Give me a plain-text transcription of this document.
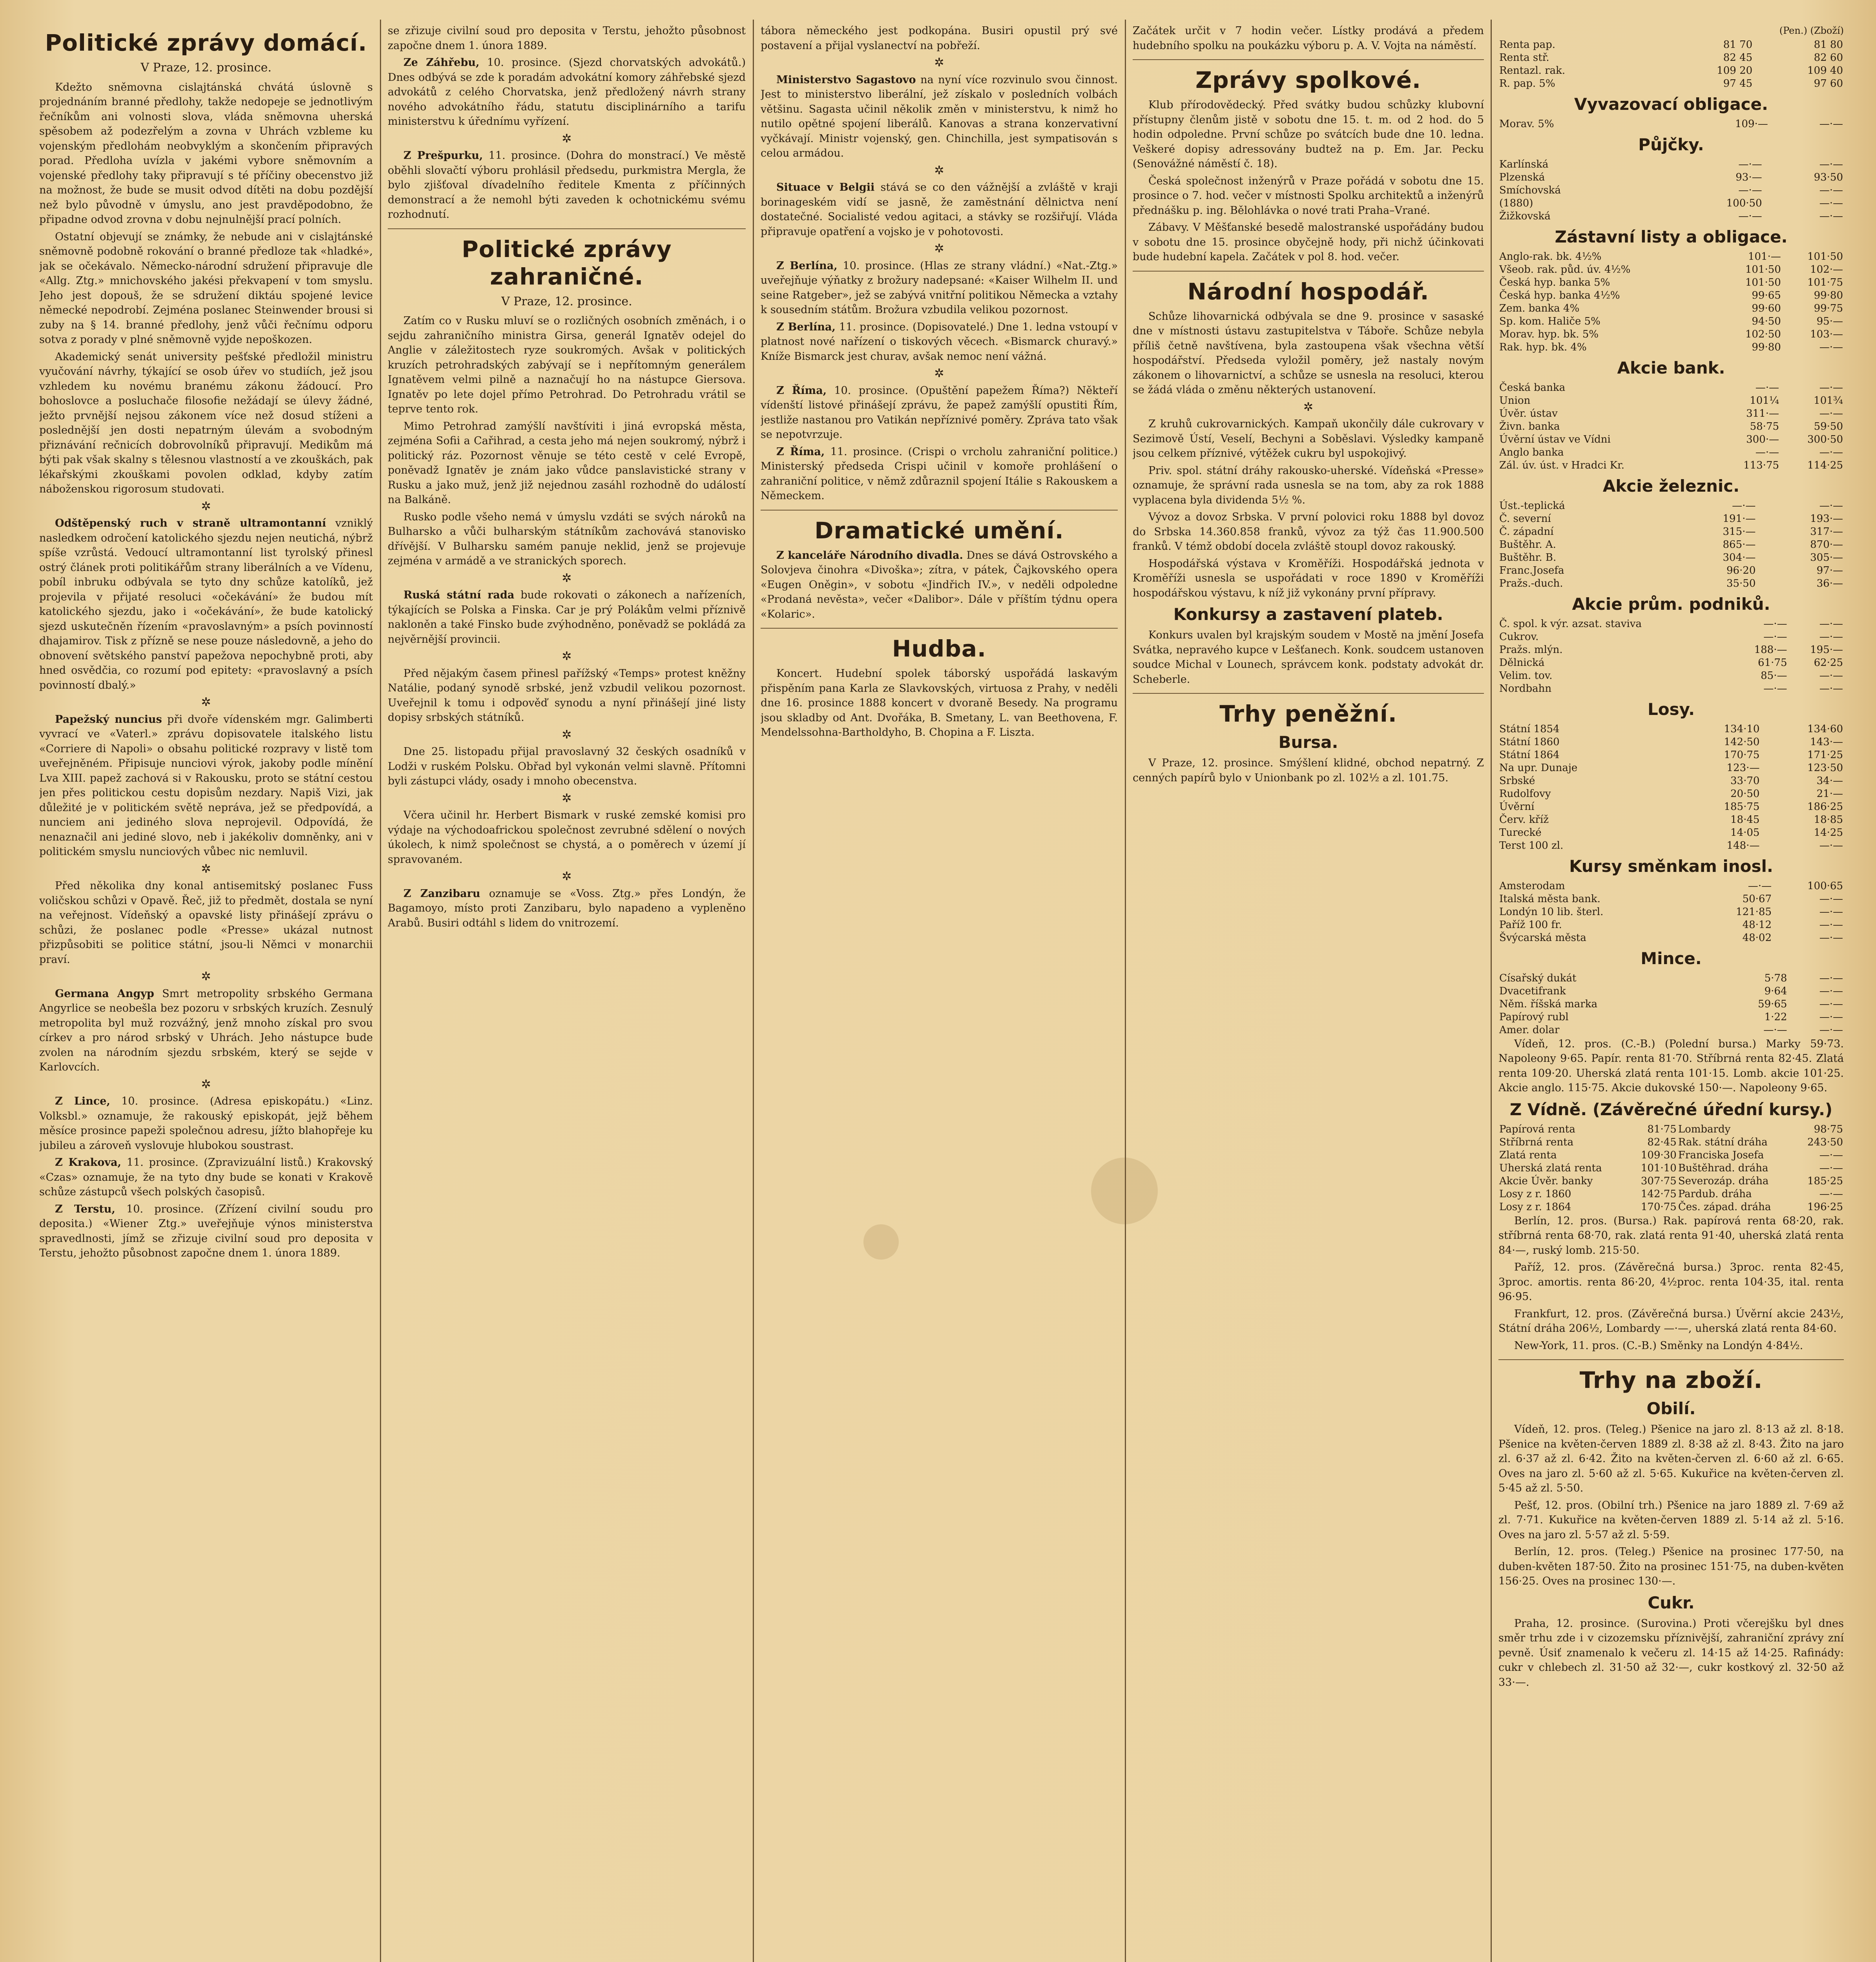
Politické zprávy domácí.
V Praze, 12. prosince.

Kdežto sněmovna cislajtánská chvátá úslovně s projednáním branné předlohy, takže nedopeje se jednotlivým řečníkům ani volnosti slova, vláda sněmovna uherská spěsobem až podezřelým a zovna v Uhrách vzbleme ku vojenským předlohám neobvyklým a skončením připravých porad. Předloha uvízla v jakémi vybore sněmovním a vojenské předlohy taky připravují s té příčiny obecenstvo již na možnost, že bude se musit odvod dítěti na dobu pozdější než bylo původně v úmyslu, ano jest pravděpodobno, že připadne odvod zrovna v dobu nejnulnější prací polních.

Ostatní objevují se známky, že nebude ani v cislajtánské sněmovně podobně rokování o branné předloze tak «hladké», jak se očekávalo. Německo-národní sdružení připravuje dle «Allg. Ztg.» mnichovského jakési překvapení v tom smyslu. Jeho jest dopouš, že se sdružení diktáu spojené levice německé nepodrobí. Zejména poslanec Steinwender brousi si zuby na § 14. branné předlohy, jenž vůči řečnímu odporu sotva z porady v plné sněmovně vyjde nepoškozen.

Akademický senát university pešťské předložil ministru vyučování návrhy, týkající se osob úřev vo studiích, jež jsou vzhledem ku novému branému zákonu žádoucí. Pro bohoslovce a posluchače filosofie nežádají se úlevy žádné, ježto prvnější nejsou zákonem více než dosud stíženi a poslednější jen dosti nepatrným úlevám a svobodným přiznávání rečnicích dobrovolníků připravují. Medikům má býti pak však skalny s tělesnou vlastností a ve zkouškách, pak lékařskými zkouškami povolen odklad, kdyby zatím náboženskou rigorosum studovati.

✲

Odštěpenský ruch v straně ultramontanní vzniklý nasledkem odročení katolického sjezdu nejen neutichá, nýbrž spíše vzrůstá. Vedoucí ultramontanní list tyrolský přinesl ostrý článek proti politikářům strany liberálních a ve Vídenu, pobíl inbruku odbývala se tyto dny schůze katolíků, jež projevila v přijaté resoluci «očekávání» že budou mít katolického sjezdu, jako i «očekávání», že bude katolický sjezd uskutečněn řízením «pravoslavným» a psích povinností dhajamirov. Tisk z přízně se nese pouze následovně, a jeho do obnovení světského panství papežova nepochybně proti, aby hned osvědčia, co rozumí pod epitety: «pravoslavný a psích povinností dbalý.»

✲

Papežský nuncius při dvoře vídenském mgr. Galimberti vyvrací ve «Vaterl.» zprávu dopisovatele italského listu «Corriere di Napoli» o obsahu politické rozpravy v listě tom uveřejněném. Připisuje nunciovi výrok, jakoby podle mínění Lva XIII. papež zachová si v Rakousku, proto se státní cestou jen přes politickou cestu dopisům nezdary. Napiš Vizi, jak důležité je v politickém světě nepráva, jež se předpovídá, a nunciem ani jediného slova neprojevil. Odpovídá, že nenaznačil ani jediné slovo, neb i jakékoliv domněnky, ani v politickém smyslu nunciových vůbec nic nemluvil.

✲

Před několika dny konal antisemitský poslanec Fuss voličskou schůzi v Opavě. Řeč, již to předmět, dostala se nyní na veřejnost. Vídeňský a opavské listy přinášejí zprávu o schůzi, že poslanec podle «Presse» ukázal nutnost přizpůsobiti se politice státní, jsou-li Němci v monarchii praví.

✲

Germana Angyp Smrt metropolity srbského Germana Angyrlice se neobešla bez pozoru v srbských kruzích. Zesnulý metropolita byl muž rozvážný, jenž mnoho získal pro svou církev a pro národ srbský v Uhrách. Jeho nástupce bude zvolen na národním sjezdu srbském, který se sejde v Karlovcích.

✲

Z Lince, 10. prosince. (Adresa episkopátu.) «Linz. Volksbl.» oznamuje, že rakouský episkopát, jejž během měsíce prosince papeži společnou adresu, jížto blahopřeje ku jubileu a zároveň vyslovuje hlubokou soustrast.

Z Krakova, 11. prosince. (Zpravizuální listů.) Krakovský «Czas» oznamuje, že na tyto dny bude se konati v Krakově schůze zástupců všech polských časopisů.

Z Terstu, 10. prosince. (Zřízení civilní soudu pro deposita.) «Wiener Ztg.» uveřejňuje výnos ministerstva spravedlnosti, jímž se zřizuje civilní soud pro deposita v Terstu, jehožto působnost započne dnem 1. února 1889.

se zřizuje civilní soud pro deposita v Terstu, jehožto působnost započne dnem 1. února 1889.

Ze Záhřebu, 10. prosince. (Sjezd chorvatských advokátů.) Dnes odbývá se zde k poradám advokátní komory záhřebské sjezd advokátů z celého Chorvatska, jenž předložený návrh strany nového advokátního řádu, statutu disciplinárního a tarifu ministerstvu k úřednímu vyřízení.

✲

Z Prešpurku, 11. prosince. (Dohra do monstrací.) Ve městě oběhli slovačtí výboru prohlásil předsedu, purkmistra Mergla, že bylo zjišťoval dívadelního ředitele Kmenta z příčinných demonstrací a že nemohl býti zaveden k ochotnickému svému rozhodnutí.

Politické zprávy zahraničné.
V Praze, 12. prosince.

Zatím co v Rusku mluví se o rozličných osobních změnách, i o sejdu zahraničního ministra Girsa, generál Ignatěv odejel do Anglie v záležitostech ryze soukromých. Avšak v politických kruzích petrohradských zabývají se i nepřítomným generálem Ignatěvem velmi pilně a naznačují ho na nástupce Giersova. Ignatěv po lete dojel přímo Petrohrad. Do Petrohradu vrátil se teprve tento rok.

Mimo Petrohrad zamýšlí navštíviti i jiná evropská města, zejména Sofii a Cařihrad, a cesta jeho má nejen soukromý, nýbrž i politický ráz. Pozornost věnuje se této cestě v celé Evropě, poněvadž Ignatěv je znám jako vůdce panslavistické strany v Rusku a jako muž, jenž již nejednou zasáhl rozhodně do událostí na Balkáně.

Rusko podle všeho nemá v úmyslu vzdáti se svých nároků na Bulharsko a vůči bulharským státníkům zachovává stanovisko dřívější. V Bulharsku samém panuje neklid, jenž se projevuje zejména v armádě a ve stranických sporech.

✲

Ruská státní rada bude rokovati o zákonech a nařízeních, týkajících se Polska a Finska. Car je prý Polákům velmi příznivě nakloněn a také Finsko bude zvýhodněno, poněvadž se pokládá za nejvěrnější provincii.

✲

Před nějakým časem přinesl pařížský «Temps» protest kněžny Natálie, podaný synodě srbské, jenž vzbudil velikou pozornost. Uveřejnil k tomu i odpověď synodu a nyní přinášejí jiné listy dopisy srbských státníků.

✲

Dne 25. listopadu přijal pravoslavný 32 českých osadníků v Lodži v ruském Polsku. Obřad byl vykonán velmi slavně. Přítomni byli zástupci vlády, osady i mnoho obecenstva.

✲

Včera učinil hr. Herbert Bismark v ruské zemské komisi pro výdaje na východoafrickou společnost zevrubné sdělení o nových úkolech, k nimž společnost se chystá, a o poměrech v území jí spravovaném.

✲

Z Zanzibaru oznamuje se «Voss. Ztg.» přes Londýn, že Bagamoyo, místo proti Zanzibaru, bylo napadeno a vypleněno Arabů. Busiri odtáhl s lidem do vnitrozemí.

tábora německého jest podkopána. Busiri opustil prý své postavení a přijal vyslanectví na pobřeží.

✲

Ministerstvo Sagastovo na nyní více rozvinulo svou činnost. Jest to ministerstvo liberální, jež získalo v posledních volbách většinu. Sagasta učinil několik změn v ministerstvu, k nimž ho nutilo opětné spojení liberálů. Kanovas a strana konzervativní vyčkávají. Ministr vojenský, gen. Chinchilla, jest sympatisován s celou armádou.

✲

Situace v Belgii stává se co den vážnější a zvláště v kraji borinageském vidí se jasně, že zaměstnání dělnictva není dostatečné. Socialisté vedou agitaci, a stávky se rozšiřují. Vláda připravuje opatření a vojsko je v pohotovosti.

✲

Z Berlína, 10. prosince. (Hlas ze strany vládní.) «Nat.-Ztg.» uveřejňuje výňatky z brožury nadepsané: «Kaiser Wilhelm II. und seine Ratgeber», jež se zabývá vnitřní politikou Německa a vztahy k sousedním státům. Brožura vzbudila velikou pozornost.

Z Berlína, 11. prosince. (Dopisovatelé.) Dne 1. ledna vstoupí v platnost nové nařízení o tiskových věcech. «Bismarck churavý.» Kníže Bismarck jest churav, avšak nemoc není vážná.

✲

Z Říma, 10. prosince. (Opuštění papežem Říma?) Někteří vídenští listové přinášejí zprávu, že papež zamýšlí opustiti Řím, jestliže nastanou pro Vatikán nepříznivé poměry. Zpráva tato však se nepotvrzuje.

Z Říma, 11. prosince. (Crispi o vrcholu zahraniční politice.) Ministerský předseda Crispi učinil v komoře prohlášení o zahraniční politice, v němž zdůraznil spojení Itálie s Rakouskem a Německem.

Dramatické umění.

Z kanceláře Národního divadla. Dnes se dává Ostrovského a Solovjeva činohra «Divoška»; zítra, v pátek, Čajkovského opera «Eugen Oněgin», v sobotu «Jindřich IV.», v neděli odpoledne «Prodaná nevěsta», večer «Dalibor». Dále v příštím týdnu opera «Kolaric».

Hudba.

Koncert. Hudební spolek táborský uspořádá laskavým přispěním pana Karla ze Slavkovských, virtuosa z Prahy, v neděli dne 16. prosince 1888 koncert v dvoraně Besedy. Na programu jsou skladby od Ant. Dvořáka, B. Smetany, L. van Beethovena, F. Mendelssohna-Bartholdyho, B. Chopina a F. Liszta.

Začátek určit v 7 hodin večer. Lístky prodává a předem hudebního spolku na poukázku výboru p. A. V. Vojta na náměstí.

Zprávy spolkové.

Klub přírodovědecký. Před svátky budou schůzky klubovní přístupny členům jistě v sobotu dne 15. t. m. od 2 hod. do 5 hodin odpoledne. První schůze po svátcích bude dne 10. ledna. Veškeré dopisy adressovány budtež na p. Em. Jar. Pecku (Senovážné náměstí č. 18).

Česká společnost inženýrů v Praze pořádá v sobotu dne 15. prosince o 7. hod. večer v místnosti Spolku architektů a inženýrů přednášku p. ing. Bělohlávka o nové trati Praha–Vrané.

Zábavy. V Měšťanské besedě malostranské uspořádány budou v sobotu dne 15. prosince obyčejně hody, při nichž účinkovati bude hudební kapela. Začátek v pol 8. hod. večer.

Národní hospodář.

Schůze lihovarnická odbývala se dne 9. prosince v sasaské dne v místnosti ústavu zastupitelstva v Táboře. Schůze nebyla příliš četně navštívena, byla zastoupena však všechna větší hospodářství. Předseda vyložil poměry, jež nastaly novým zákonem o lihovarnictví, a schůze se usnesla na resoluci, kterou se žádá vláda o změnu některých ustanovení.

✲

Z kruhů cukrovarnických. Kampaň ukončily dále cukrovary v Sezimově Ústí, Veselí, Bechyni a Soběslavi. Výsledky kampaně jsou celkem příznivé, výtěžek cukru byl uspokojivý.

Priv. spol. státní dráhy rakousko-uherské. Vídeňská «Presse» oznamuje, že správní rada usnesla se na tom, aby za rok 1888 vyplacena byla dividenda 5½ %.

Vývoz a dovoz Srbska. V první polovici roku 1888 byl dovoz do Srbska 14.360.858 franků, vývoz za týž čas 11.900.500 franků. V témž období docela zvláště stoupl dovoz rakouský.

Hospodářská výstava v Kroměříži. Hospodářská jednota v Kroměříži usnesla se uspořádati v roce 1890 v Kroměříži hospodářskou výstavu, k níž již vykonány první přípravy.

Konkursy a zastavení plateb.

Konkurs uvalen byl krajským soudem v Mostě na jmění Josefa Svátka, nepravého kupce v Lešťanech. Konk. soudcem ustanoven soudce Michal v Lounech, správcem konk. podstaty advokát dr. Scheberle.

Trhy peněžní.
Bursa.

V Praze, 12. prosince. Smýšlení klidné, obchod nepatrný. Z cenných papírů bylo v Unionbank po zl. 102½ a zl. 101.75.

(Pen.) (Zboží)
Renta pap.	81 70	81 80
Renta stř.	82 45	82 60
Rentazl. rak.	109 20	109 40
R. pap. 5%	97 45	97 60
Vyvazovací obligace.
Morav. 5%	109·—	—·—
Půjčky.
Karlínská	—·—	—·—
Plzenská	93·—	93·50
Smíchovská	—·—	—·—
(1880)	100·50	—·—
Žižkovská	—·—	—·—
Zástavní listy a obligace.
Anglo-rak. bk. 4½%	101·—	101·50
Všeob. rak. půd. úv. 4½%	101·50	102·—
Česká hyp. banka 5%	101·50	101·75
Česká hyp. banka 4½%	99·65	99·80
Zem. banka 4%	99·60	99·75
Sp. kom. Haliče 5%	94·50	95·—
Morav. hyp. bk. 5%	102·50	103·—
Rak. hyp. bk. 4%	99·80	—·—
Akcie bank.
Česká banka	—·—	—·—
Union	101¼	101¾
Úvěr. ústav	311·—	—·—
Živn. banka	58·75	59·50
Úvěrní ústav ve Vídni	300·—	300·50
Anglo banka	—·—	—·—
Zál. úv. úst. v Hradci Kr.	113·75	114·25
Akcie železnic.
Úst.-teplická	—·—	—·—
Č. severní	191·—	193·—
Č. západní	315·—	317·—
Buštěhr. A.	865·—	870·—
Buštěhr. B.	304·—	305·—
Franc.Josefa	96·20	97·—
Pražs.-duch.	35·50	36·—
Akcie prům. podniků.
Č. spol. k výr. azsat. stavivа	—·—	—·—
Cukrov.	—·—	—·—
Pražs. mlýn.	188·—	195·—
Dělnická	61·75	62·25
Velim. tov.	85·—	—·—
Nordbahn	—·—	—·—
Losy.
Státní 1854	134·10	134·60
Státní 1860	142·50	143·—
Státní 1864	170·75	171·25
Na upr. Dunaje	123·—	123·50
Srbské	33·70	34·—
Rudolfovy	20·50	21·—
Úvěrní	185·75	186·25
Červ. kříž	18·45	18·85
Turecké	14·05	14·25
Terst 100 zl.	148·—	—·—
Kursy směnkam inosl.
Amsterodam	—·—	100·65
Italská města bank.	50·67	—·—
Londýn 10 lib. šterl.	121·85	—·—
Paříž 100 fr.	48·12	—·—
Švýcarská města	48·02	—·—
Mince.
Císařský dukát	5·78	—·—
Dvacetifrank	9·64	—·—
Něm. říšská marka	59·65	—·—
Papírový rubl	1·22	—·—
Amer. dolar	—·—	—·—

Vídeň, 12. pros. (C.-B.) (Polední bursa.) Marky 59·73. Napoleony 9·65. Papír. renta 81·70. Stříbrná renta 82·45. Zlatá renta 109·20. Uherská zlatá renta 101·15. Lomb. akcie 101·25. Akcie anglo. 115·75. Akcie dukovské 150·—. Napoleony 9·65.

Z Vídně. (Závěrečné úřední kursy.)
Papírová renta	81·75	Lombardy	98·75
Stříbrná renta	82·45	Rak. státní dráha	243·50
Zlatá renta	109·30	Franciska Josefa	—·—
Uherská zlatá renta	101·10	Buštěhrad. dráha	—·—
Akcie Úvěr. banky	307·75	Severozáp. dráha	185·25
Losy z r. 1860	142·75	Pardub. dráha	—·—
Losy z r. 1864	170·75	Čes. západ. dráha	196·25

Berlín, 12. pros. (Bursa.) Rak. papírová renta 68·20, rak. stříbrná renta 68·70, rak. zlatá renta 91·40, uherská zlatá renta 84·—, ruský lomb. 215·50.

Paříž, 12. pros. (Závěrečná bursa.) 3proc. renta 82·45, 3proc. amortis. renta 86·20, 4½proc. renta 104·35, ital. renta 96·95.

Frankfurt, 12. pros. (Závěrečná bursa.) Úvěrní akcie 243½, Státní dráha 206½, Lombardy —·—, uherská zlatá renta 84·60.

New-York, 11. pros. (C.-B.) Směnky na Londýn 4·84½.

Trhy na zboží.
Obilí.

Vídeň, 12. pros. (Teleg.) Pšenice na jaro zl. 8·13 až zl. 8·18. Pšenice na květen-červen 1889 zl. 8·38 až zl. 8·43. Žito na jaro zl. 6·37 až zl. 6·42. Žito na květen-červen zl. 6·60 až zl. 6·65. Oves na jaro zl. 5·60 až zl. 5·65. Kukuřice na květen-červen zl. 5·45 až zl. 5·50.

Pešť, 12. pros. (Obilní trh.) Pšenice na jaro 1889 zl. 7·69 až zl. 7·71. Kukuřice na květen-červen 1889 zl. 5·14 až zl. 5·16. Oves na jaro zl. 5·57 až zl. 5·59.

Berlín, 12. pros. (Teleg.) Pšenice na prosinec 177·50, na duben-květen 187·50. Žito na prosinec 151·75, na duben-květen 156·25. Oves na prosinec 130·—.

Cukr.

Praha, 12. prosince. (Surovina.) Proti včerejšku byl dnes směr trhu zde i v cizozemsku příznivější, zahraniční zprávy zní pevně. Úsiť znamenalo k večeru zl. 14·15 až 14·25. Rafinády: cukr v chlebech zl. 31·50 až 32·—, cukr kostkový zl. 32·50 až 33·—.
